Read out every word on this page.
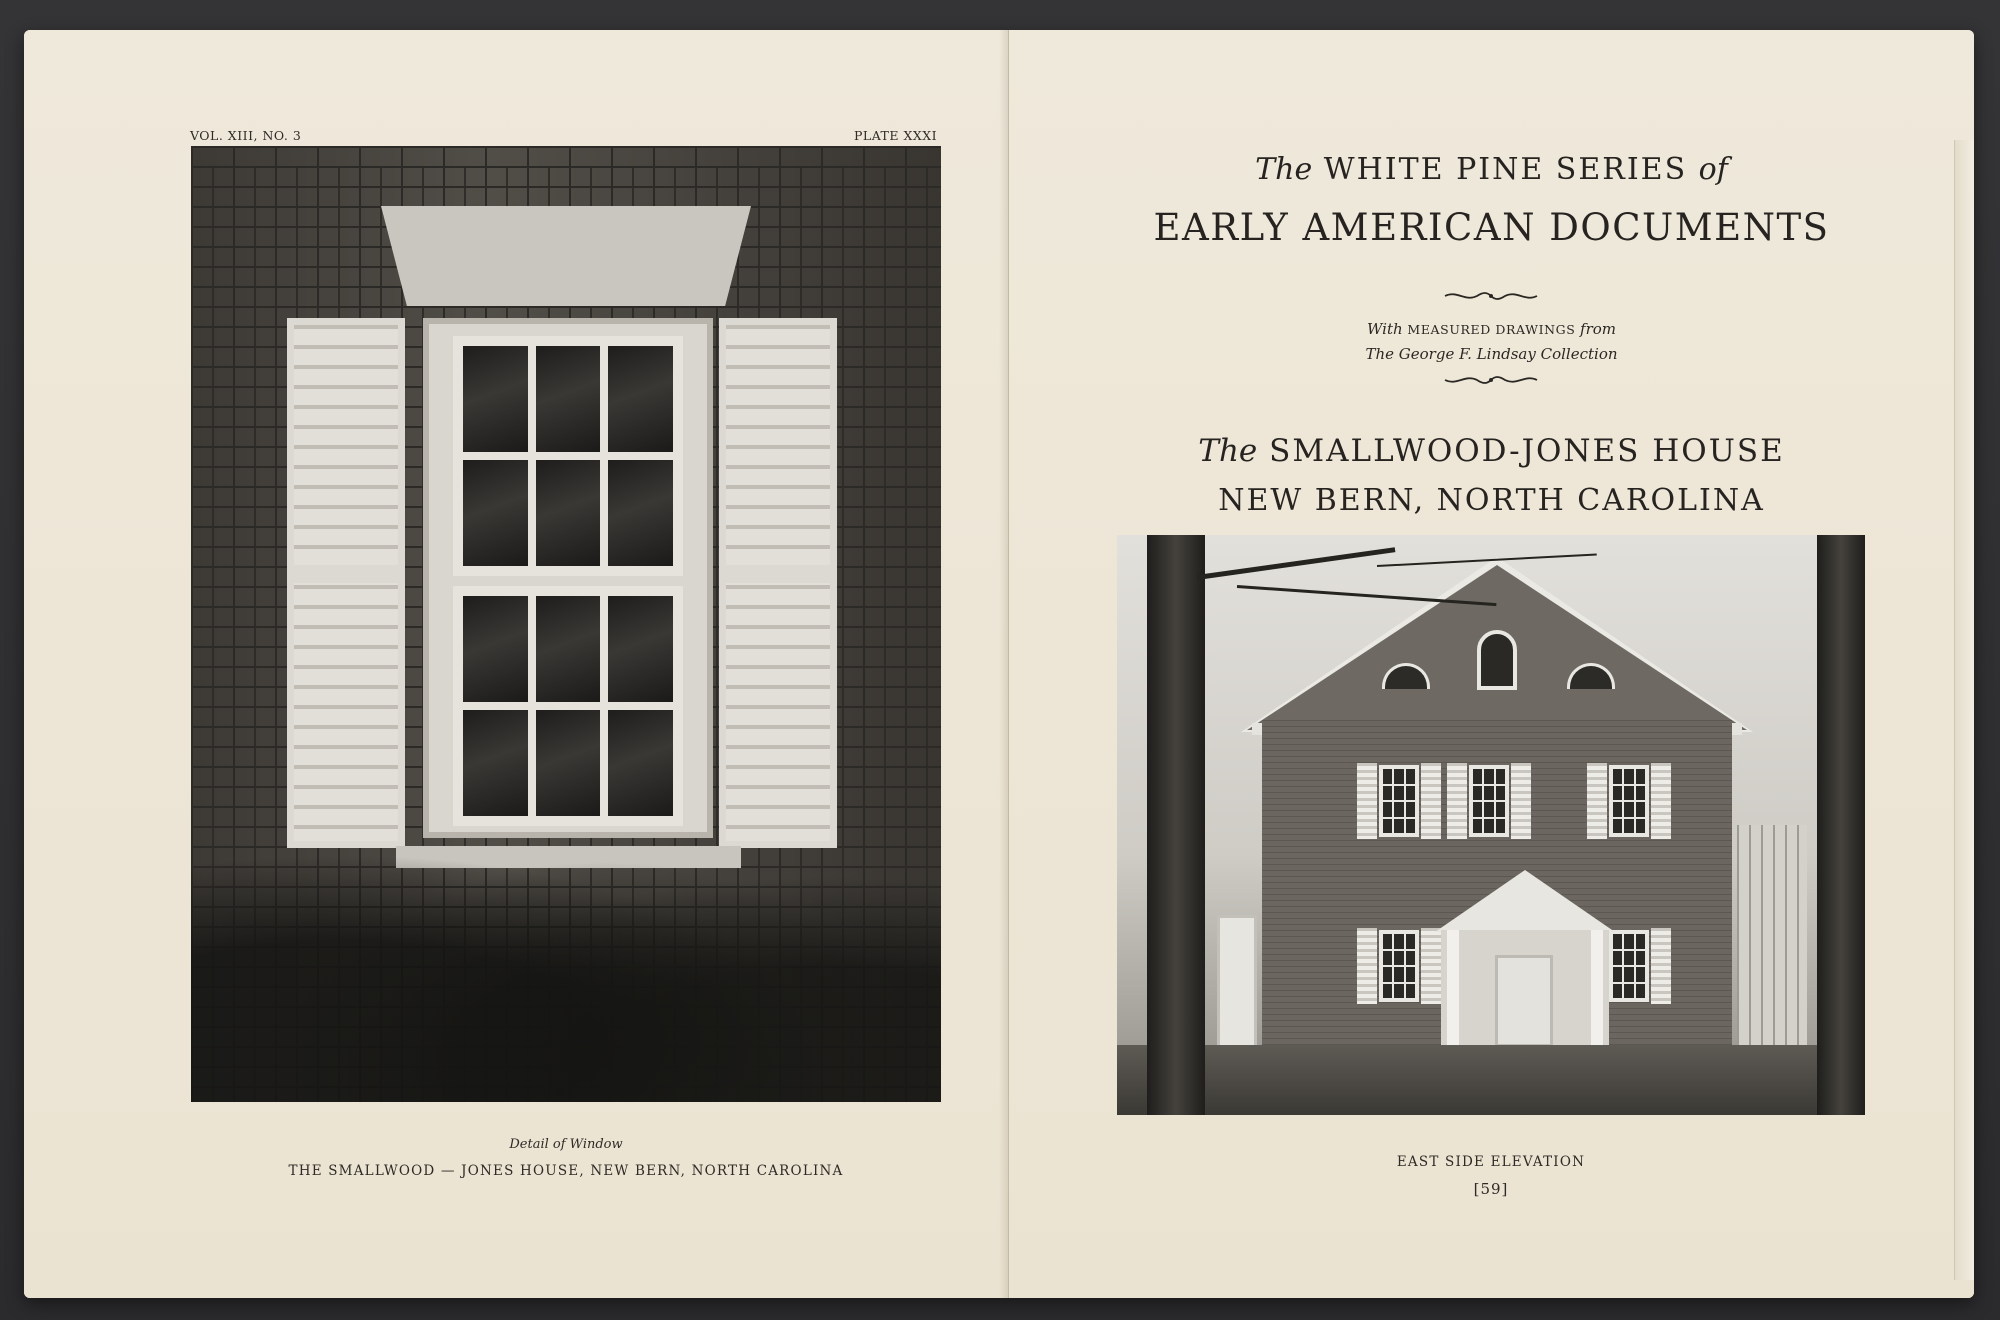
VOL. XIII, NO. 3	PLATE XXXI
Detail of Window
THE SMALLWOOD — JONES HOUSE, NEW BERN, NORTH CAROLINA
The WHITE PINE SERIES of
EARLY AMERICAN DOCUMENTS
With MEASURED DRAWINGS from
The George F. Lindsay Collection
The SMALLWOOD-JONES HOUSE
NEW BERN, NORTH CAROLINA
EAST SIDE ELEVATION
[59]
